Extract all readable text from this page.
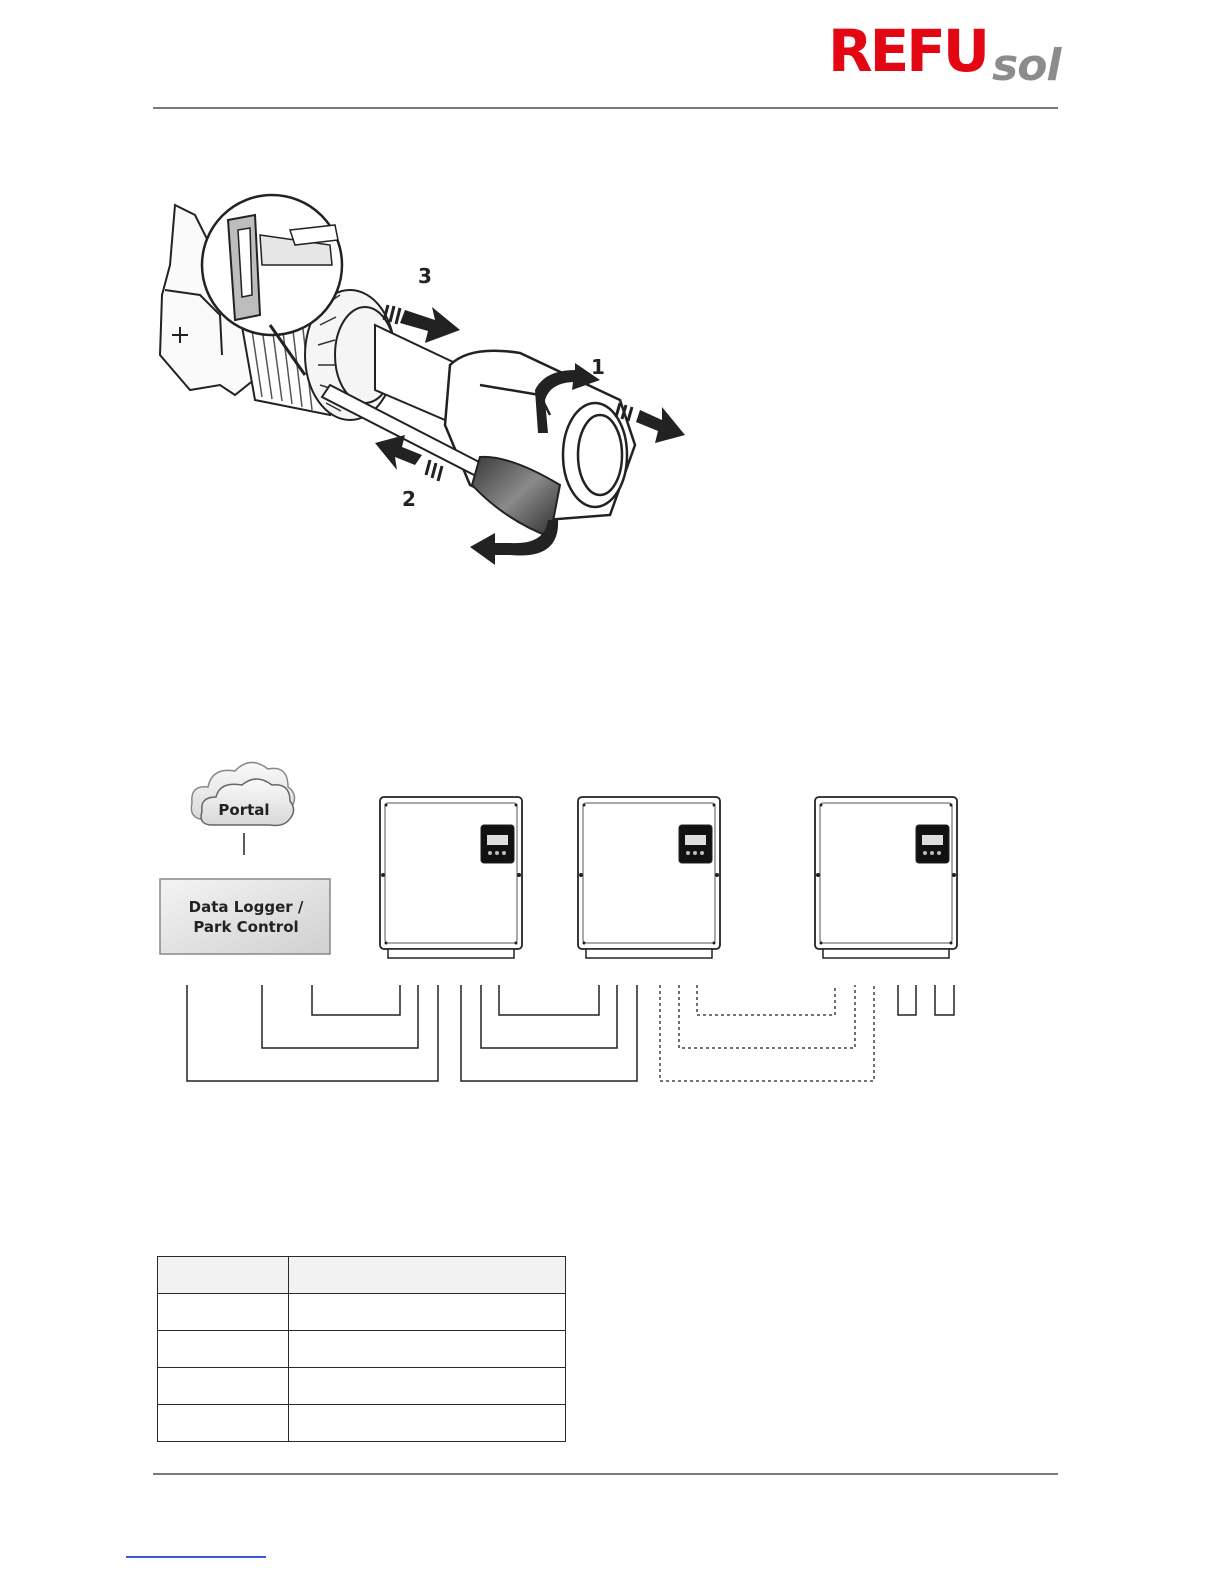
REFU sol
3
1
2
Portal
Data Logger /
Park Control
